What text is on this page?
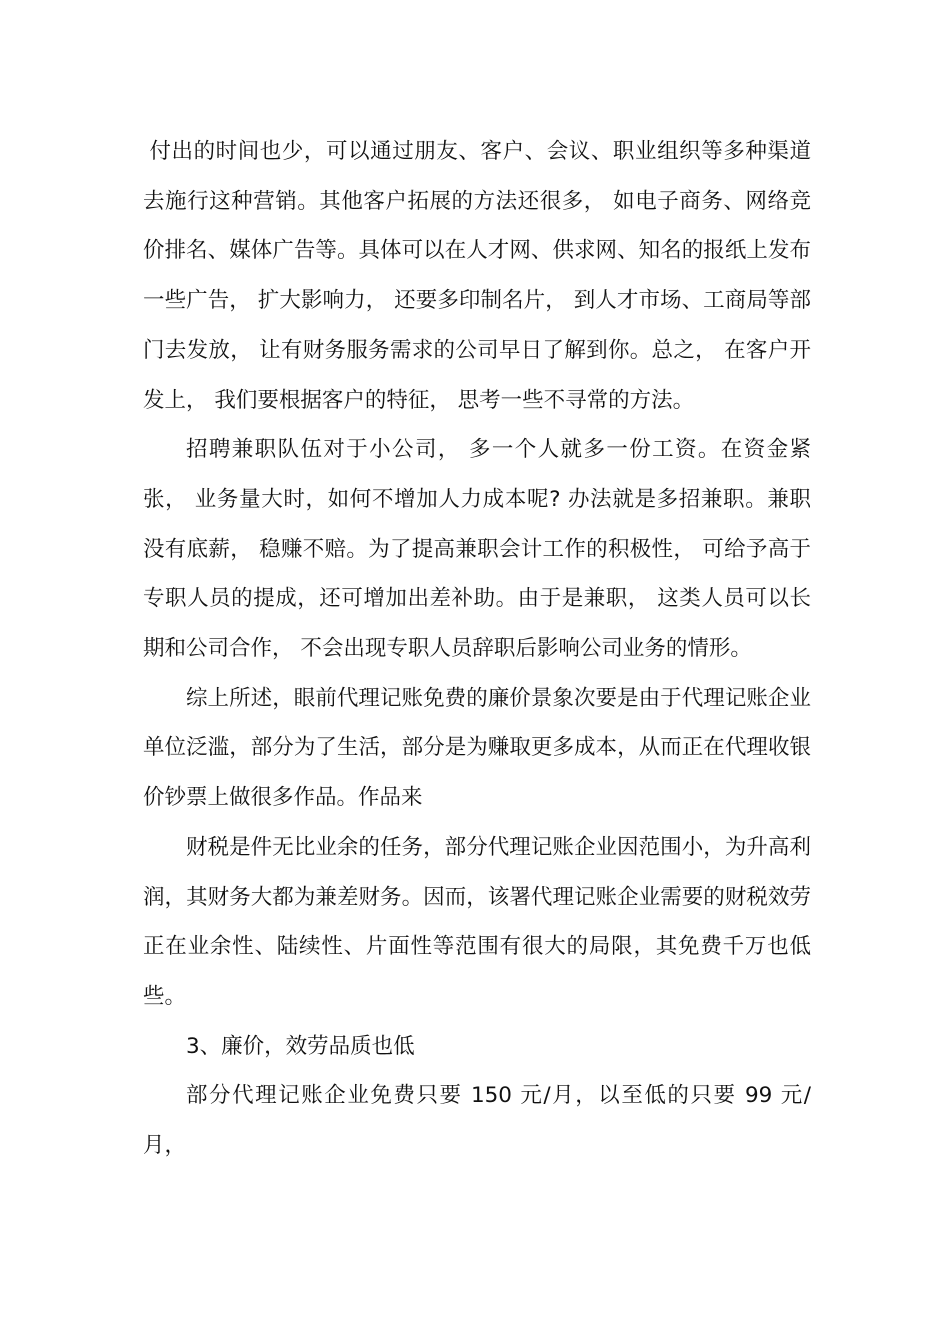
付出的时间也少，可以通过朋友、客户、会议、职业组织等多种渠道去施行这种营销。其他客户拓展的方法还很多， 如电子商务、网络竞价排名、媒体广告等。具体可以在人才网、供求网、知名的报纸上发布一些广告， 扩大影响力， 还要多印制名片， 到人才市场、工商局等部门去发放， 让有财务服务需求的公司早日了解到你。总之， 在客户开发上， 我们要根据客户的特征， 思考一些不寻常的方法。

招聘兼职队伍对于小公司， 多一个人就多一份工资。在资金紧张， 业务量大时，如何不增加人力成本呢? 办法就是多招兼职。兼职没有底薪， 稳赚不赔。为了提高兼职会计工作的积极性， 可给予高于专职人员的提成，还可增加出差补助。由于是兼职， 这类人员可以长期和公司合作， 不会出现专职人员辞职后影响公司业务的情形。

综上所述，眼前代理记账免费的廉价景象次要是由于代理记账企业单位泛滥，部分为了生活，部分是为赚取更多成本，从而正在代理收银价钞票上做很多作品。作品来

财税是件无比业余的任务，部分代理记账企业因范围小，为升高利润，其财务大都为兼差财务。因而，该署代理记账企业需要的财税效劳正在业余性、陆续性、片面性等范围有很大的局限，其免费千万也低些。

3、廉价，效劳品质也低

部分代理记账企业免费只要 150 元/月，以至低的只要 99 元/月，
